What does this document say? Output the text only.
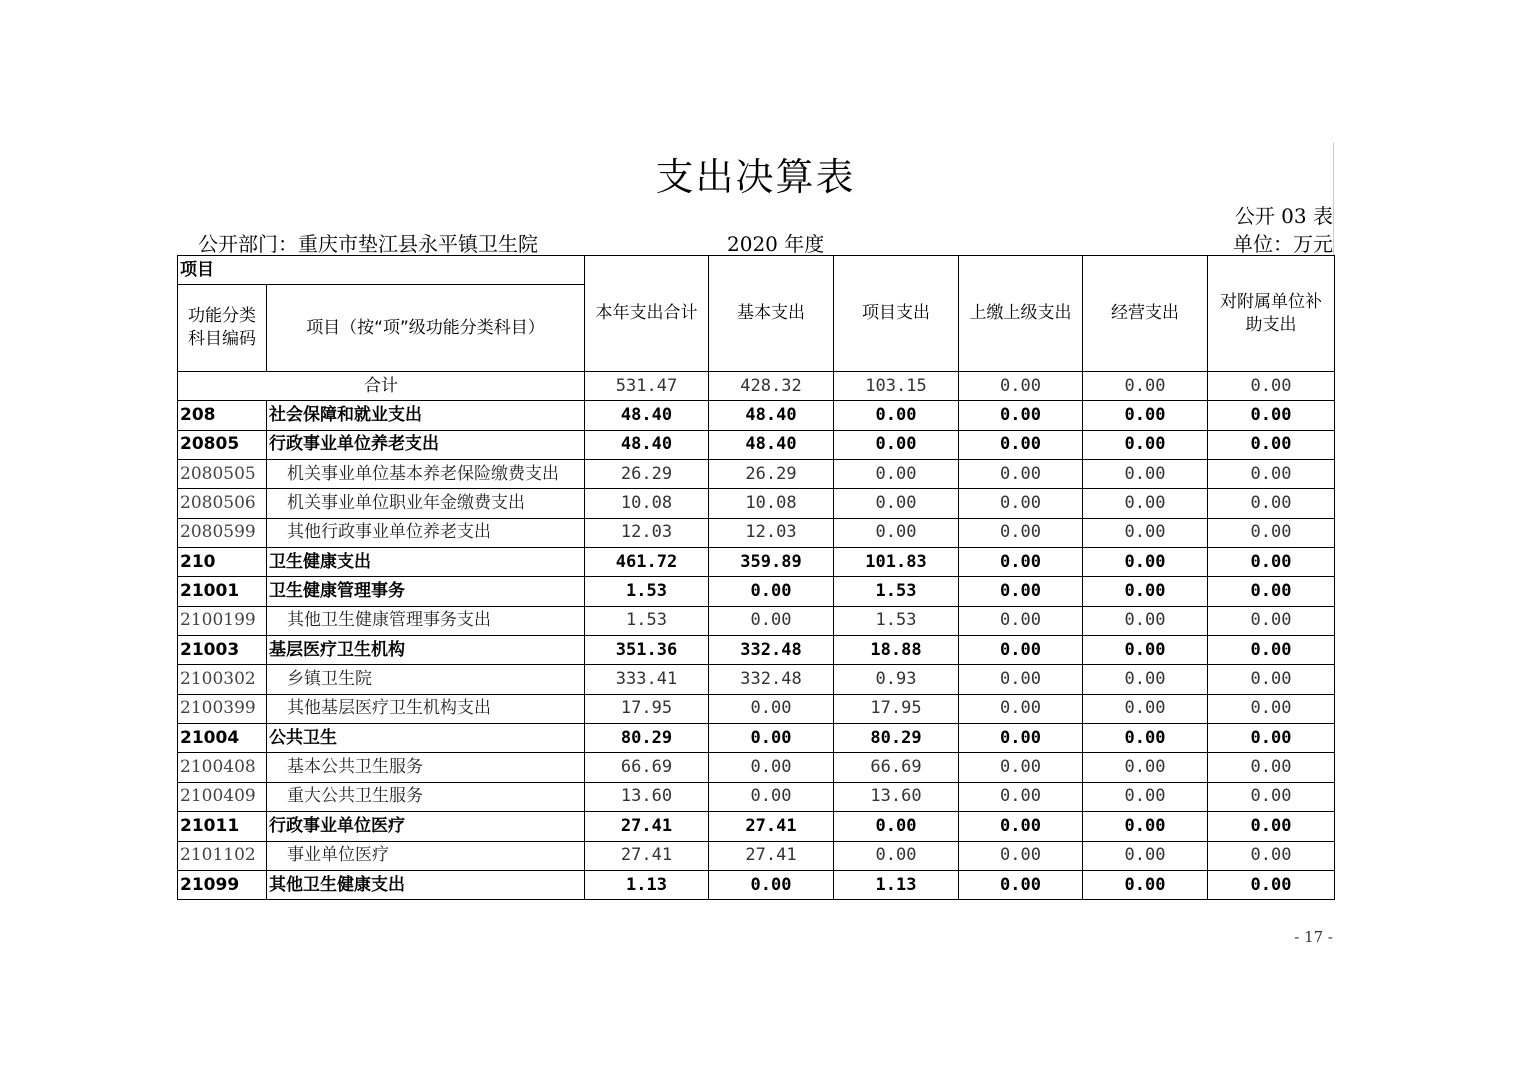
支出决算表
公开 03 表
公开部门：重庆市垫江县永平镇卫生院	2020 年度	单位：万元
项目		本年支出合计	基本支出	项目支出	上缴上级支出	经营支出	对附属单位补助支出
功能分类科目编码	项目（按“项”级功能分类科目）						
合计		531.47	428.32	103.15	0.00	0.00	0.00
208	社会保障和就业支出	48.40	48.40	0.00	0.00	0.00	0.00
20805	行政事业单位养老支出	48.40	48.40	0.00	0.00	0.00	0.00
2080505	机关事业单位基本养老保险缴费支出	26.29	26.29	0.00	0.00	0.00	0.00
2080506	机关事业单位职业年金缴费支出	10.08	10.08	0.00	0.00	0.00	0.00
2080599	其他行政事业单位养老支出	12.03	12.03	0.00	0.00	0.00	0.00
210	卫生健康支出	461.72	359.89	101.83	0.00	0.00	0.00
21001	卫生健康管理事务	1.53	0.00	1.53	0.00	0.00	0.00
2100199	其他卫生健康管理事务支出	1.53	0.00	1.53	0.00	0.00	0.00
21003	基层医疗卫生机构	351.36	332.48	18.88	0.00	0.00	0.00
2100302	乡镇卫生院	333.41	332.48	0.93	0.00	0.00	0.00
2100399	其他基层医疗卫生机构支出	17.95	0.00	17.95	0.00	0.00	0.00
21004	公共卫生	80.29	0.00	80.29	0.00	0.00	0.00
2100408	基本公共卫生服务	66.69	0.00	66.69	0.00	0.00	0.00
2100409	重大公共卫生服务	13.60	0.00	13.60	0.00	0.00	0.00
21011	行政事业单位医疗	27.41	27.41	0.00	0.00	0.00	0.00
2101102	事业单位医疗	27.41	27.41	0.00	0.00	0.00	0.00
21099	其他卫生健康支出	1.13	0.00	1.13	0.00	0.00	0.00
- 17 -
